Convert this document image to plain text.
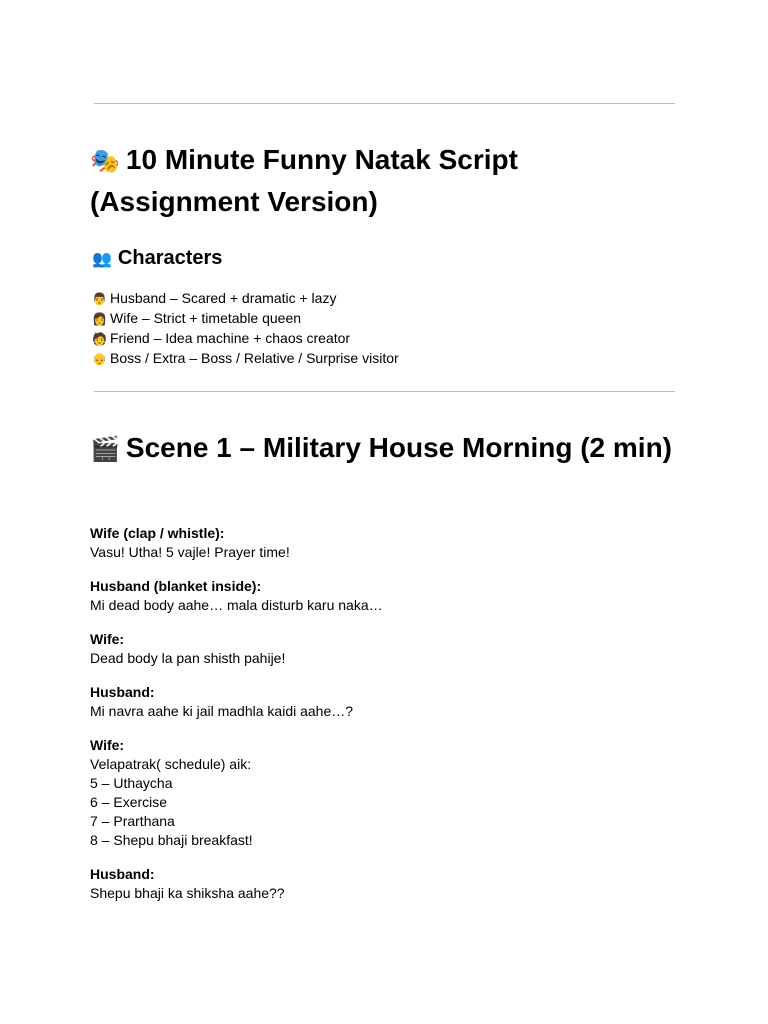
🎭 10 Minute Funny Natak Script (Assignment Version)
👥 Characters
👨 Husband – Scared + dramatic + lazy
👩 Wife – Strict + timetable queen
🧑 Friend – Idea machine + chaos creator
👴 Boss / Extra – Boss / Relative / Surprise visitor
🎬 Scene 1 – Military House Morning (2 min)
Wife (clap / whistle):
Vasu! Utha! 5 vajle! Prayer time!
Husband (blanket inside):
Mi dead body aahe… mala disturb karu naka…
Wife:
Dead body la pan shisth pahije!
Husband:
Mi navra aahe ki jail madhla kaidi aahe…?
Wife:
Velapatrak( schedule) aik:
5 – Uthaycha
6 – Exercise
7 – Prarthana
8 – Shepu bhaji breakfast!
Husband:
Shepu bhaji ka shiksha aahe??
